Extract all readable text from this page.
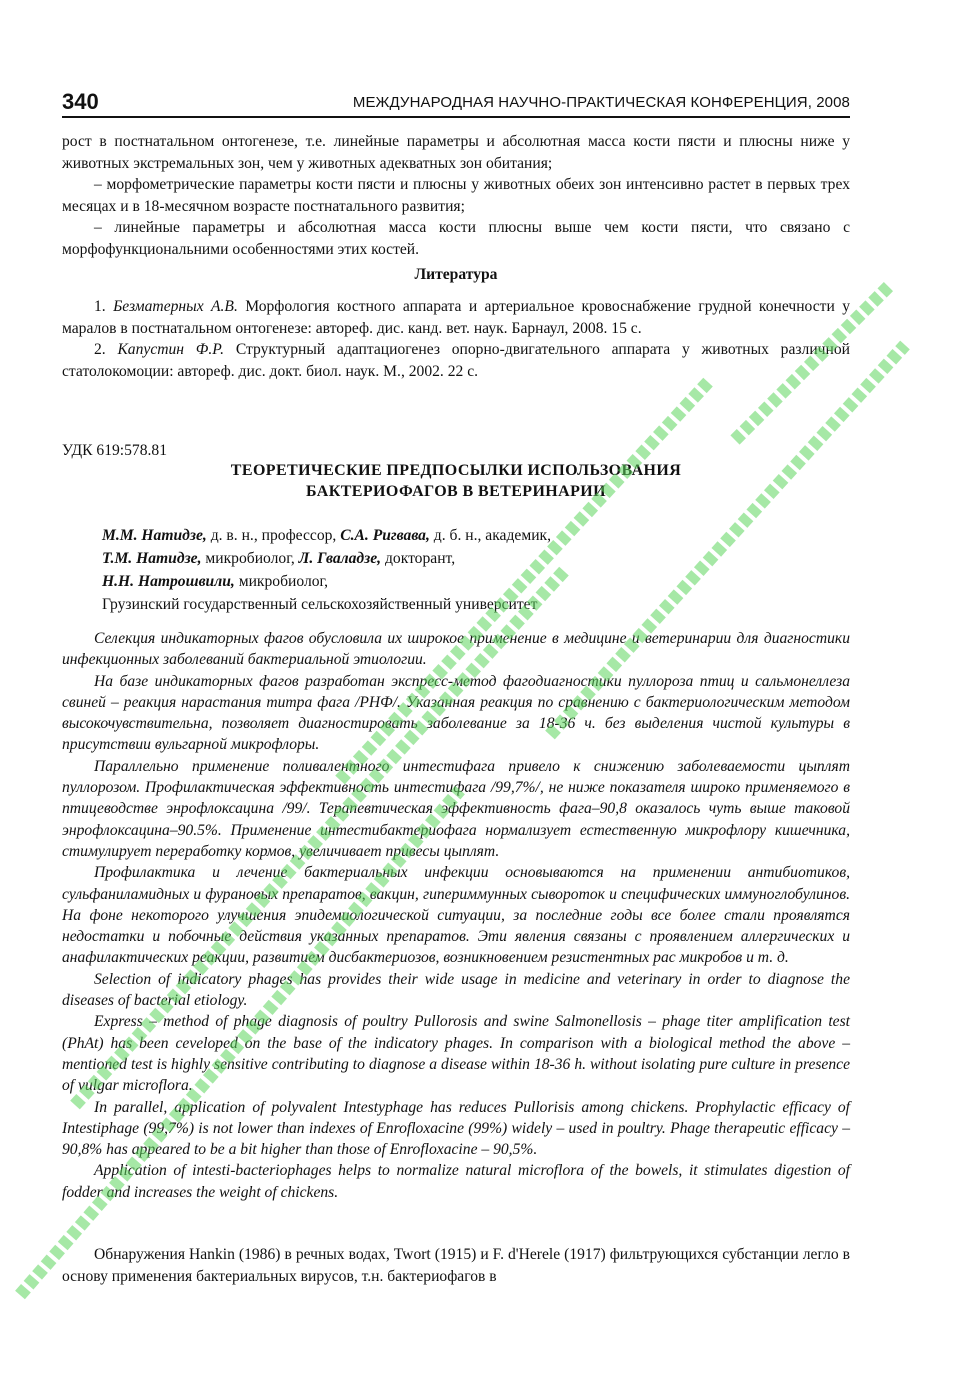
340	МЕЖДУНАРОДНАЯ НАУЧНО-ПРАКТИЧЕСКАЯ КОНФЕРЕНЦИЯ, 2008

рост в постнатальном онтогенезе, т.е. линейные параметры и абсолютная масса кости пясти и плюсны ниже у животных экстремальных зон, чем у животных адекватных зон обитания;

– морфометрические параметры кости пясти и плюсны у животных обеих зон интенсивно растет в первых трех месяцах и в 18-месячном возрасте постнатального развития;

– линейные параметры и абсолютная масса кости плюсны выше чем кости пясти, что связано с морфофункциональними особенностями этих костей.

Литература

1. Безматерных А.В. Морфология костного аппарата и артериальное кровоснабжение грудной конечности у маралов в постнатальном онтогенезе: автореф. дис. канд. вет. наук. Барнаул, 2008. 15 с.

2. Капустин Ф.Р. Структурный адаптациогенез опорно-двигательного аппарата у животных различной статолокомоции: автореф. дис. докт. биол. наук. М., 2002. 22 с.

УДК 619:578.81
ТЕОРЕТИЧЕСКИЕ ПРЕДПОСЫЛКИ ИСПОЛЬЗОВАНИЯ
БАКТЕРИОФАГОВ В ВЕТЕРИНАРИИ
М.М. Натидзе, д. в. н., профессор, С.А. Ригвава, д. б. н., академик,
Т.М. Натидзе, микробиолог, Л. Гваладзе, докторант,
Н.Н. Натрошвили, микробиолог,
Грузинский государственный сельскохозяйственный университет

Селекция индикаторных фагов обусловила их широкое применение в медицине и ветеринарии для диагностики инфекционных заболеваний бактериальной этиологии.

На базе индикаторных фагов разработан экспресс-метод фагодиагностики пуллороза птиц и сальмонеллеза свиней – реакция нарастания титра фага /РНФ/. Указанная реакция по сравнению с бактериологическим методом высокочувствительна, позволяет диагностировать заболевание за 18-36 ч. без выделения чистой культуры в присутствии вульгарной микрофлоры.

Параллельно применение поливалентного интестифага привело к снижению заболеваемости цыплят пуллорозом. Профилактическая эффективность интестифага /99,7%/, не ниже показателя широко применяемого в птицеводстве энрофлоксацина /99/. Терапевтическая эффективность фага–90,8 оказалось чуть выше таковой энрофлоксацина–90.5%. Применение интестибактериофага нормализует естественную микрофлору кишечника, стимулирует переработку кормов, увеличивает привесы цыплят.

Профилактика и лечение бактериальных инфекции основываются на применении антибиотиков, сульфаниламидных и фурановых препаратов, вакцин, гипериммунных сывороток и специфических иммуноглобулинов. На фоне некоторого улучшения эпидемиологической ситуации, за последние годы все более стали проявлятся недостатки и побочные действия указанных препаратов. Эти явления связаны с проявлением аллергических и анафилактических реакции, развитием дисбактериозов, возникновением резистентных рас микробов и т. д.

Selection of indicatory phages has provides their wide usage in medicine and veterinary in order to diagnose the diseases of bacterial etiology.

Express – method of phage diagnosis of poultry Pullorosis and swine Salmonellosis – phage titer amplification test (PhAt) has been ceveloped on the base of the indicatory phages. In comparison with a biological method the above – mentioned test is highly sensitive contributing to diagnose a disease within 18-36 h. without isolating pure culture in presence of vulgar microflora.

In parallel, application of polyvalent Intestyphage has reduces Pullorisis among chickens. Prophylactic efficacy of Intestiphage (99,7%) is not lower than indexes of Enrofloxacine (99%) widely – used in poultry. Phage therapeutic efficacy – 90,8% has appeared to be a bit higher than those of Enrofloxacine – 90,5%.

Application of intesti-bacteriophages helps to normalize natural microflora of the bowels, it stimulates digestion of fodder and increases the weight of chickens.

Обнаружения Hankin (1986) в речных водах, Twort (1915) и F. d'Herele (1917) фильтрующихся субстанции легло в основу применения бактериальных вирусов, т.н. бактериофагов в
